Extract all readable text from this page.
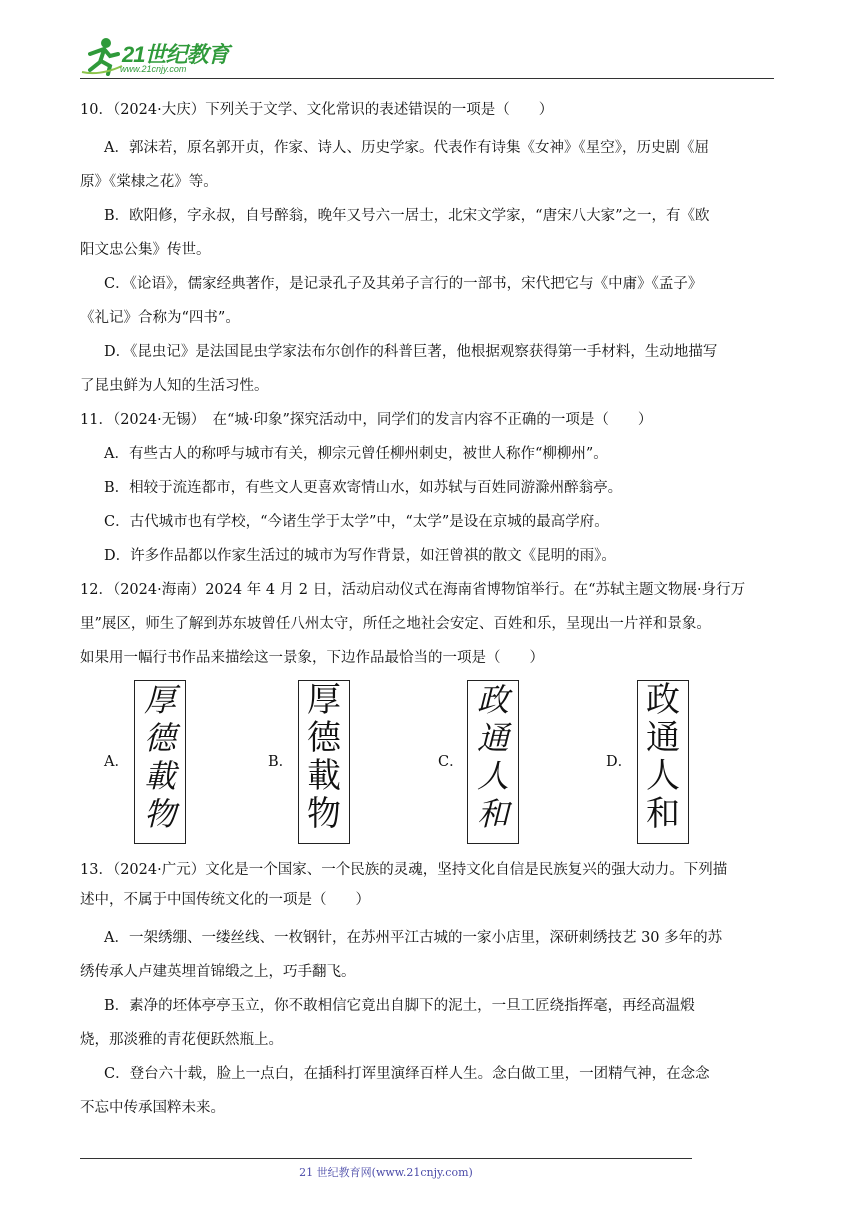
21世纪教育
www.21cnjy.com
10．（2024·大庆）下列关于文学、文化常识的表述错误的一项是（　　）
A．郭沫若，原名郭开贞，作家、诗人、历史学家。代表作有诗集《女神》《星空》，历史剧《屈
原》《棠棣之花》等。
B．欧阳修，字永叔，自号醉翁，晚年又号六一居士，北宋文学家，“唐宋八大家”之一，有《欧
阳文忠公集》传世。
C．《论语》，儒家经典著作，是记录孔子及其弟子言行的一部书，宋代把它与《中庸》《孟子》
《礼记》合称为“四书”。
D．《昆虫记》是法国昆虫学家法布尔创作的科普巨著，他根据观察获得第一手材料，生动地描写
了昆虫鲜为人知的生活习性。
11．（2024·无锡）　在“城·印象”探究活动中，同学们的发言内容不正确的一项是（　　）
A．有些古人的称呼与城市有关，柳宗元曾任柳州刺史，被世人称作“柳柳州”。
B．相较于流连都市，有些文人更喜欢寄情山水，如苏轼与百姓同游滁州醉翁亭。
C．古代城市也有学校，“今诸生学于太学”中，“太学”是设在京城的最高学府。
D．许多作品都以作家生活过的城市为写作背景，如汪曾祺的散文《昆明的雨》。
12．（2024·海南）2024 年 4 月 2 日，活动启动仪式在海南省博物馆举行。在“苏轼主题文物展·身行万
里”展区，师生了解到苏东坡曾任八州太守，所任之地社会安定、百姓和乐，呈现出一片祥和景象。
如果用一幅行书作品来描绘这一景象，下边作品最恰当的一项是（　　）
A．
厚
德
載
物
B．
厚
德
載
物
C．
政
通
人
和
D．
政
通
人
和
13．（2024·广元）文化是一个国家、一个民族的灵魂，坚持文化自信是民族复兴的强大动力。下列描
述中，不属于中国传统文化的一项是（　　）
A．一架绣绷、一缕丝线、一枚钢针，在苏州平江古城的一家小店里，深研刺绣技艺 30 多年的苏
绣传承人卢建英埋首锦缎之上，巧手翻飞。
B．素净的坯体亭亭玉立，你不敢相信它竟出自脚下的泥土，一旦工匠绕指挥毫，再经高温煅
烧，那淡雅的青花便跃然瓶上。
C．登台六十载，脸上一点白，在插科打诨里演绎百样人生。念白做工里，一团精气神，在念念
不忘中传承国粹未来。
21 世纪教育网(www.21cnjy.com)
